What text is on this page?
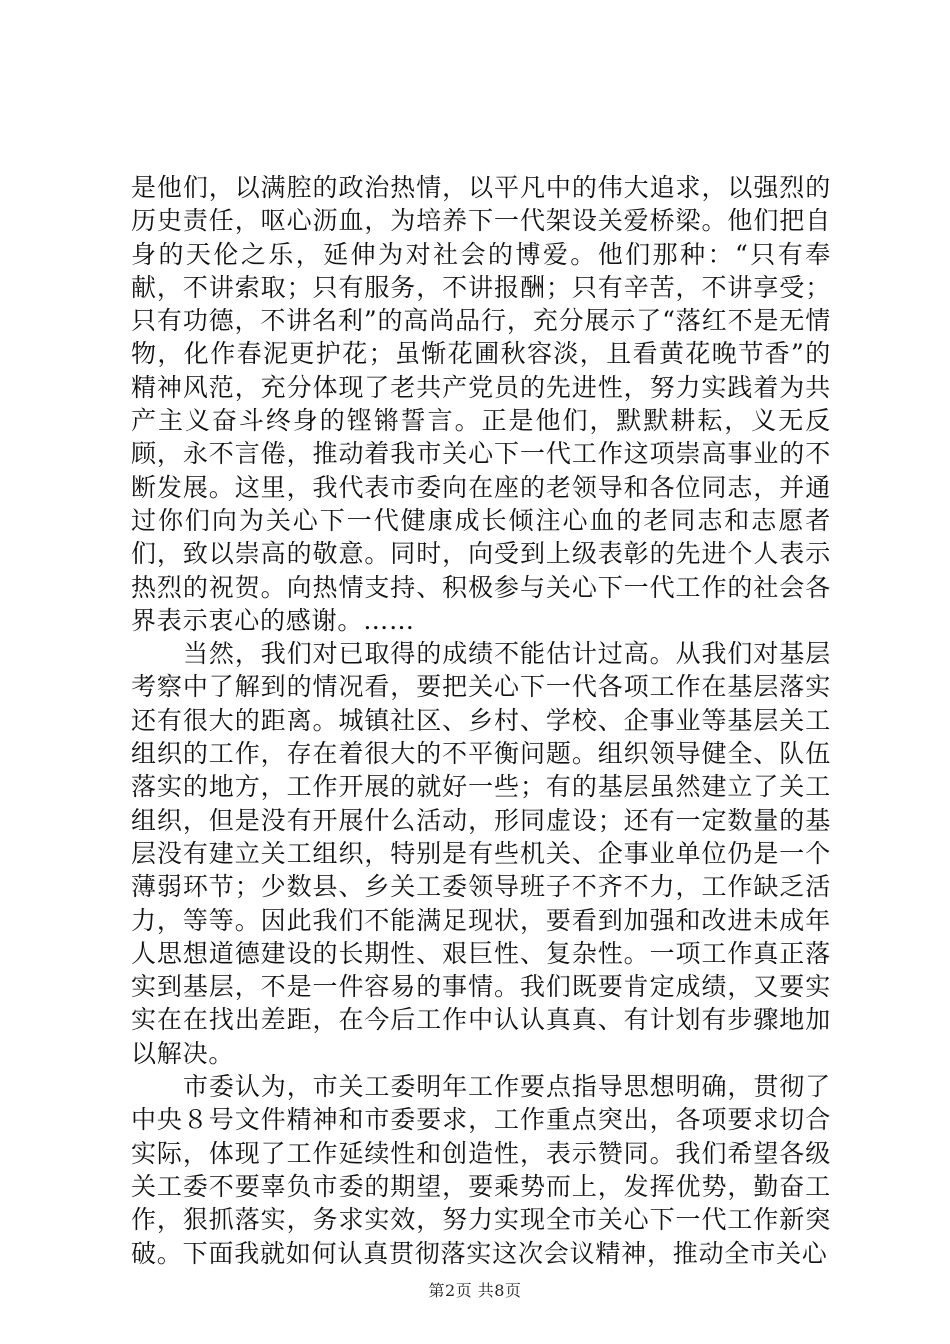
是他们，以满腔的政治热情，以平凡中的伟大追求，以强烈的历史责任，呕心沥血，为培养下一代架设关爱桥梁。他们把自身的天伦之乐，延伸为对社会的博爱。他们那种：“只有奉献，不讲索取；只有服务，不讲报酬；只有辛苦，不讲享受；只有功德，不讲名利”的高尚品行，充分展示了“落红不是无情物，化作春泥更护花；虽惭花圃秋容淡，且看黄花晚节香”的精神风范，充分体现了老共产党员的先进性，努力实践着为共产主义奋斗终身的铿锵誓言。正是他们，默默耕耘，义无反顾，永不言倦，推动着我市关心下一代工作这项崇高事业的不断发展。这里，我代表市委向在座的老领导和各位同志，并通过你们向为关心下一代健康成长倾注心血的老同志和志愿者们，致以崇高的敬意。同时，向受到上级表彰的先进个人表示热烈的祝贺。向热情支持、积极参与关心下一代工作的社会各界表示衷心的感谢。……

当然，我们对已取得的成绩不能估计过高。从我们对基层考察中了解到的情况看，要把关心下一代各项工作在基层落实还有很大的距离。城镇社区、乡村、学校、企事业等基层关工组织的工作，存在着很大的不平衡问题。组织领导健全、队伍落实的地方，工作开展的就好一些；有的基层虽然建立了关工组织，但是没有开展什么活动，形同虚设；还有一定数量的基层没有建立关工组织，特别是有些机关、企事业单位仍是一个薄弱环节；少数县、乡关工委领导班子不齐不力，工作缺乏活力，等等。因此我们不能满足现状，要看到加强和改进未成年人思想道德建设的长期性、艰巨性、复杂性。一项工作真正落实到基层，不是一件容易的事情。我们既要肯定成绩，又要实实在在找出差距，在今后工作中认认真真、有计划有步骤地加以解决。

市委认为，市关工委明年工作要点指导思想明确，贯彻了中央８号文件精神和市委要求，工作重点突出，各项要求切合实际，体现了工作延续性和创造性，表示赞同。我们希望各级关工委不要辜负市委的期望，要乘势而上，发挥优势，勤奋工作，狠抓落实，务求实效，努力实现全市关心下一代工作新突破。下面我就如何认真贯彻落实这次会议精神，推动全市关心

第2页 共8页
